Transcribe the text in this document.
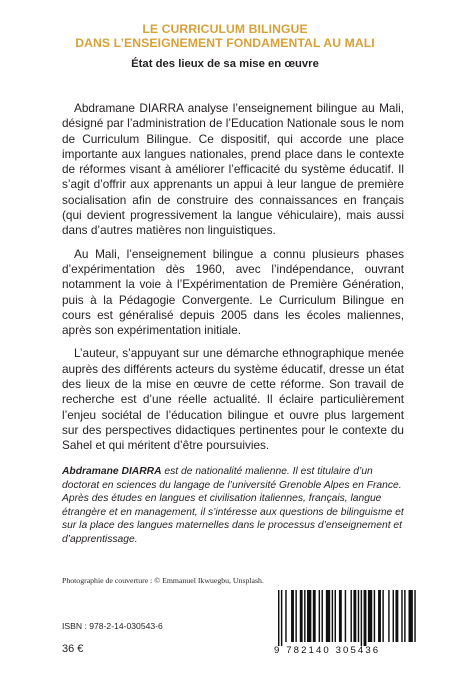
LE CURRICULUM BILINGUE
DANS L’ENSEIGNEMENT FONDAMENTAL AU MALI
État des lieux de sa mise en œuvre

Abdramane DIARRA analyse l’enseignement bilingue au Mali, désigné par l’administration de l’Education Nationale sous le nom de Curriculum Bilingue. Ce dispositif, qui accorde une place importante aux langues nationales, prend place dans le contexte de réformes visant à améliorer l’efficacité du système éducatif. Il s’agit d’offrir aux apprenants un appui à leur langue de première socialisation afin de construire des connaissances en français (qui devient progressivement la langue véhiculaire), mais aussi dans d’autres matières non linguistiques.

Au Mali, l’enseignement bilingue a connu plusieurs phases d’expérimentation dès 1960, avec l’indépendance, ouvrant notamment la voie à l’Expérimentation de Première Génération, puis à la Pédagogie Convergente. Le Curriculum Bilingue en cours est généralisé depuis 2005 dans les écoles maliennes, après son expérimentation initiale.

L’auteur, s’appuyant sur une démarche ethnographique menée auprès des différents acteurs du système éducatif, dresse un état des lieux de la mise en œuvre de cette réforme. Son travail de recherche est d’une réelle actualité. Il éclaire particulièrement l’enjeu sociétal de l’éducation bilingue et ouvre plus largement sur des perspectives didactiques pertinentes pour le contexte du Sahel et qui méritent d’être poursuivies.

Abdramane DIARRA est de nationalité malienne. Il est titulaire d’un doctorat en sciences du langage de l’université Grenoble Alpes en France. Après des études en langues et civilisation italiennes, français, langue étrangère et en management, il s’intéresse aux questions de bilinguisme et sur la place des langues maternelles dans le processus d’enseignement et d’apprentissage.

Photographie de couverture : © Emmanuel Ikwuegbu, Unsplash.
ISBN : 978-2-14-030543-6
36 €	9 782140 305436
